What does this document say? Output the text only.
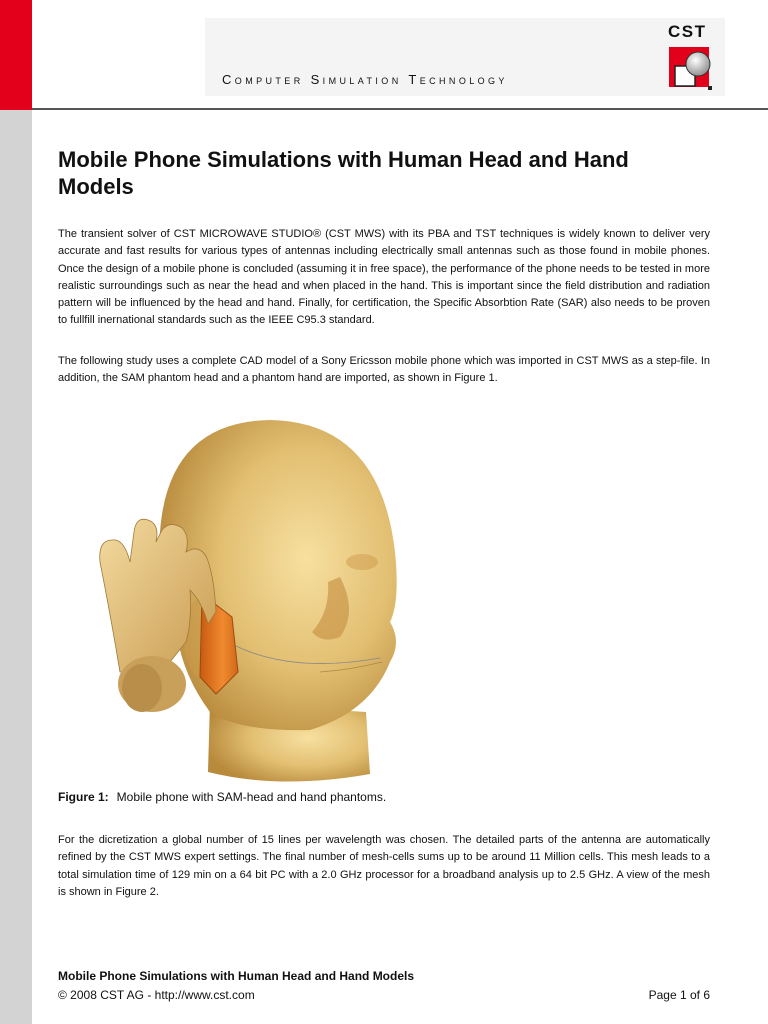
Computer Simulation Technology
CST
Mobile Phone Simulations with Human Head and Hand Models

The transient solver of CST MICROWAVE STUDIO® (CST MWS) with its PBA and TST techniques is widely known to deliver very accurate and fast results for various types of antennas including electrically small antennas such as those found in mobile phones. Once the design of a mobile phone is concluded (assuming it in free space), the performance of the phone needs to be tested in more realistic surroundings such as near the head and when placed in the hand. This is important since the field distribution and radiation pattern will be influenced by the head and hand. Finally, for certification, the Specific Absorbtion Rate (SAR) also needs to be proven to fullfill inernational standards such as the IEEE C95.3 standard.

The following study uses a complete CAD model of a Sony Ericsson mobile phone which was imported in CST MWS as a step-file. In addition, the SAM phantom head and a phantom hand are imported, as shown in Figure 1.

Figure 1: Mobile phone with SAM-head and hand phantoms.

For the dicretization a global number of 15 lines per wavelength was chosen. The detailed parts of the antenna are automatically refined by the CST MWS expert settings. The final number of mesh-cells sums up to be around 11 Million cells. This mesh leads to a total simulation time of 129 min on a 64 bit PC with a 2.0 GHz processor for a broadband analysis up to 2.5 GHz. A view of the mesh is shown in Figure 2.

Mobile Phone Simulations with Human Head and Hand Models
© 2008 CST AG - http://www.cst.com	Page 1 of 6
